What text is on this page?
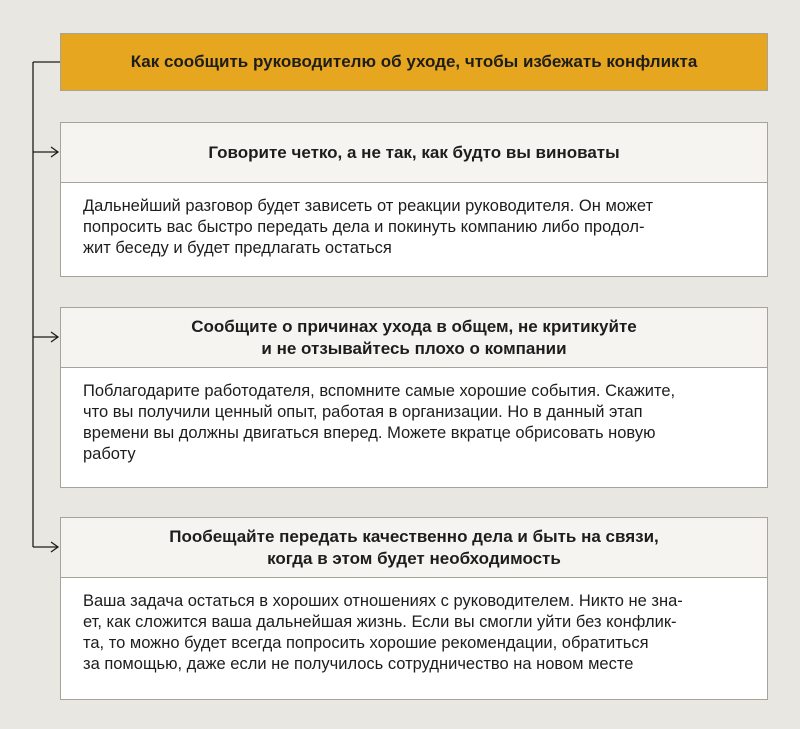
Как сообщить руководителю об уходе, чтобы избежать конфликта
Говорите четко, а не так, как будто вы виноваты
Дальнейший разговор будет зависеть от реакции руководителя. Он может
попросить вас быстро передать дела и покинуть компанию либо продол-
жит беседу и будет предлагать остаться
Сообщите о причинах ухода в общем, не критикуйте
и не отзывайтесь плохо о компании
Поблагодарите работодателя, вспомните самые хорошие события. Скажите,
что вы получили ценный опыт, работая в организации. Но в данный этап
времени вы должны двигаться вперед. Можете вкратце обрисовать новую
работу
Пообещайте передать качественно дела и быть на связи,
когда в этом будет необходимость
Ваша задача остаться в хороших отношениях с руководителем. Никто не зна-
ет, как сложится ваша дальнейшая жизнь. Если вы смогли уйти без конфлик-
та, то можно будет всегда попросить хорошие рекомендации, обратиться
за помощью, даже если не получилось сотрудничество на новом месте
